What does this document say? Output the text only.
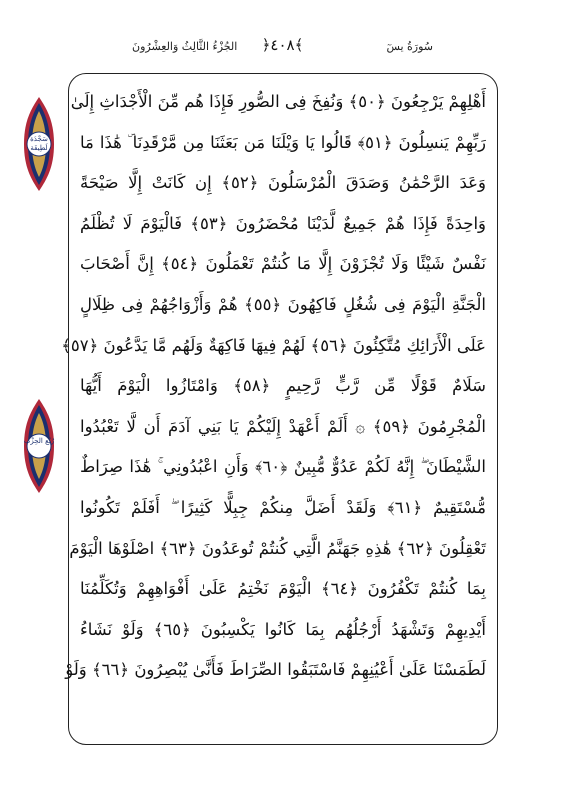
الجُزْءُ الثَّالِثُ وَالعِشْرُونَ ﴿٤٠٨﴾	سُورَةُ يسٓ
سَجْدَة لَطِيفَة
رُبْع الحِزْب
أَهْلِهِمْ يَرْجِعُونَ ﴿٥٠﴾ وَنُفِخَ فِى الصُّورِ فَإِذَا هُم مِّنَ الْأَجْدَاثِ إِلَىٰ
رَبِّهِمْ يَنسِلُونَ ﴿٥١﴾ قَالُوا يَا وَيْلَنَا مَن بَعَثَنَا مِن مَّرْقَدِنَا ۜ هَٰذَا مَا
وَعَدَ الرَّحْمَٰنُ وَصَدَقَ الْمُرْسَلُونَ ﴿٥٢﴾ إِن كَانَتْ إِلَّا صَيْحَةً
وَاحِدَةً فَإِذَا هُمْ جَمِيعٌ لَّدَيْنَا مُحْضَرُونَ ﴿٥٣﴾ فَالْيَوْمَ لَا تُظْلَمُ
نَفْسٌ شَيْئًا وَلَا تُجْزَوْنَ إِلَّا مَا كُنتُمْ تَعْمَلُونَ ﴿٥٤﴾ إِنَّ أَصْحَابَ
الْجَنَّةِ الْيَوْمَ فِى شُغُلٍ فَاكِهُونَ ﴿٥٥﴾ هُمْ وَأَزْوَاجُهُمْ فِى ظِلَالٍ
عَلَى الْأَرَائِكِ مُتَّكِئُونَ ﴿٥٦﴾ لَهُمْ فِيهَا فَاكِهَةٌ وَلَهُم مَّا يَدَّعُونَ ﴿٥٧﴾
سَلَامٌ قَوْلًا مِّن رَّبٍّ رَّحِيمٍ ﴿٥٨﴾ وَامْتَازُوا الْيَوْمَ أَيُّهَا
الْمُجْرِمُونَ ﴿٥٩﴾ ۞ أَلَمْ أَعْهَدْ إِلَيْكُمْ يَا بَنِي آدَمَ أَن لَّا تَعْبُدُوا
الشَّيْطَانَ ۖ إِنَّهُ لَكُمْ عَدُوٌّ مُّبِينٌ ﴿٦٠﴾ وَأَنِ اعْبُدُونِي ۚ هَٰذَا صِرَاطٌ
مُّسْتَقِيمٌ ﴿٦١﴾ وَلَقَدْ أَضَلَّ مِنكُمْ جِبِلًّا كَثِيرًا ۖ أَفَلَمْ تَكُونُوا
تَعْقِلُونَ ﴿٦٢﴾ هَٰذِهِ جَهَنَّمُ الَّتِي كُنتُمْ تُوعَدُونَ ﴿٦٣﴾ اصْلَوْهَا الْيَوْمَ
بِمَا كُنتُمْ تَكْفُرُونَ ﴿٦٤﴾ الْيَوْمَ نَخْتِمُ عَلَىٰ أَفْوَاهِهِمْ وَتُكَلِّمُنَا
أَيْدِيهِمْ وَتَشْهَدُ أَرْجُلُهُم بِمَا كَانُوا يَكْسِبُونَ ﴿٦٥﴾ وَلَوْ نَشَاءُ
لَطَمَسْنَا عَلَىٰ أَعْيُنِهِمْ فَاسْتَبَقُوا الصِّرَاطَ فَأَنَّىٰ يُبْصِرُونَ ﴿٦٦﴾ وَلَوْ
